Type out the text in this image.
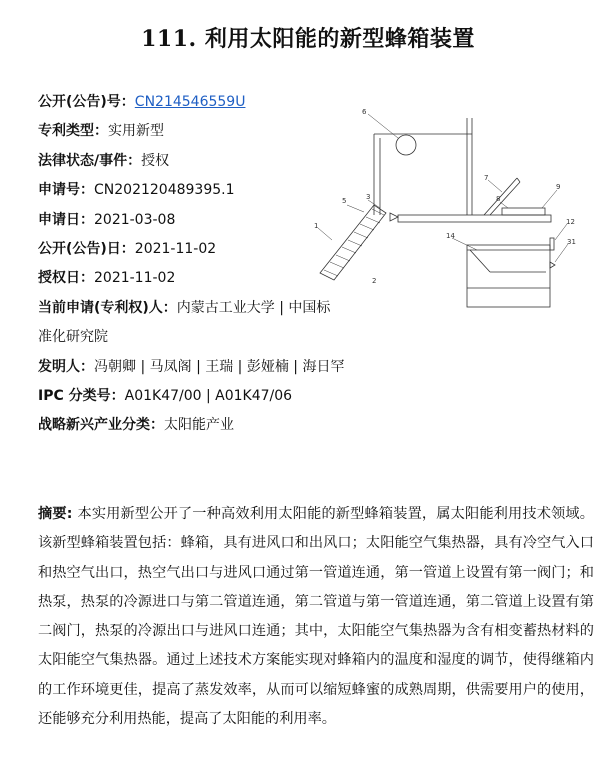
111. 利用太阳能的新型蜂箱装置
公开(公告)号：CN214546559U
专利类型：实用新型
法律状态/事件：授权
申请号：CN202120489395.1
申请日：2021-03-08
公开(公告)日：2021-11-02
授权日：2021-11-02
当前申请(专利权)人：内蒙古工业大学 | 中国标准化研究院
发明人：冯朝卿 | 马凤阁 | 王瑞 | 彭娅楠 | 海日罕
IPC 分类号：A01K47/00 | A01K47/06
战略新兴产业分类：太阳能产业
1
2
3
5
6
7
8
9
12
14
31
摘要: 本实用新型公开了一种高效利用太阳能的新型蜂箱装置，属太阳能利用技术领域。该新型蜂箱装置包括：蜂箱，具有进风口和出风口；太阳能空气集热器，具有冷空气入口和热空气出口，热空气出口与进风口通过第一管道连通，第一管道上设置有第一阀门；和热泵，热泵的冷源进口与第二管道连通，第二管道与第一管道连通，第二管道上设置有第二阀门，热泵的冷源出口与进风口连通；其中，太阳能空气集热器为含有相变蓄热材料的太阳能空气集热器。通过上述技术方案能实现对蜂箱内的温度和湿度的调节，使得继箱内的工作环境更佳，提高了蒸发效率，从而可以缩短蜂蜜的成熟周期，供需要用户的使用，还能够充分利用热能，提高了太阳能的利用率。
